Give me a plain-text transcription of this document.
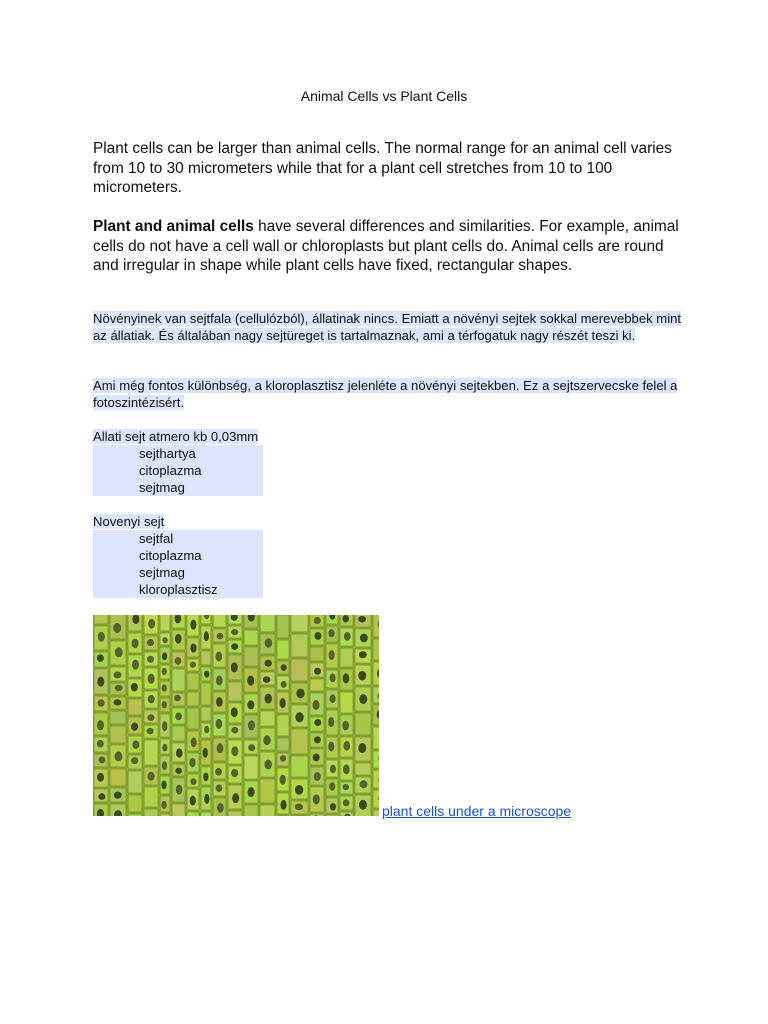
Animal Cells vs Plant Cells
Plant cells can be larger than animal cells. The normal range for an animal cell varies from 10 to 30 micrometers while that for a plant cell stretches from 10 to 100 micrometers.
Plant and animal cells have several differences and similarities. For example, animal cells do not have a cell wall or chloroplasts but plant cells do. Animal cells are round and irregular in shape while plant cells have fixed, rectangular shapes.
Növényinek van sejtfala (cellulózból), állatinak nincs. Emiatt a növényi sejtek sokkal merevebbek mint az állatiak. És általában nagy sejtüreget is tartalmaznak, ami a térfogatuk nagy részét teszi ki.
Ami még fontos különbség, a kloroplasztisz jelenléte a növényi sejtekben. Ez a sejtszervecske felel a fotoszintézisért.
Allati sejt atmero kb 0,03mm
sejthartya
citoplazma
sejtmag
Novenyi sejt
sejtfal
citoplazma
sejtmag
kloroplasztisz
plant cells under a microscope
